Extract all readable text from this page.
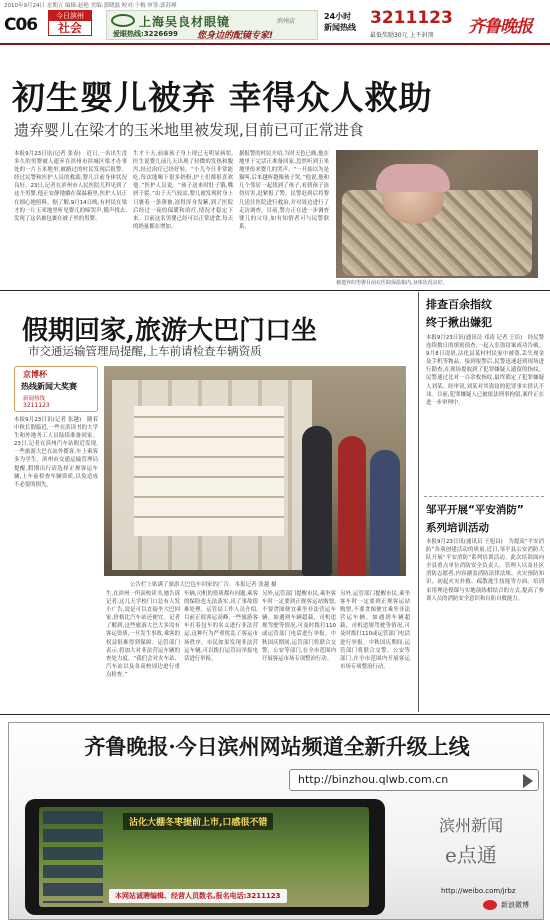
2010年9月24日 星期五 编辑:赵艳 美编:郭晓磊 校对:于梅 审签:郭苏峰
C06	今日滨州
社会	上海吴良材眼镜	滨州店
爱眼热线:3226699 您身边的配镜专家!
24小时
新闻热线 3211123
最低奖励30元 上不封顶 齐鲁晚报
初生婴儿被弃 幸得众人救助
遗弃婴儿在梁才的玉米地里被发现,目前已可正常进食

本报9月23日讯(记者 张春)　近日,一名出生没多久的男婴被人遗弃在滨州市滨城区梁才办事处的一片玉米地里,被路过的村民发现后报警。经过民警和医护人员的救助,婴儿目前身体状况良好。23日,记者在滨州市人民医院儿科见到了这个男婴,他正安静地躺在保温箱里,医护人员正在细心地照料。据了解,9月14日晚,有村民在梁才的一片玉米地里听见婴儿的啼哭声,循声找去,发现了这名被包裹在被子里的男婴。

生才十天,前面孩子身上现已无明显病状,医生说婴儿前几天出现了轻微的发热和腹泻,经过治疗已经好转。“小儿今日非常能吃,每次能喝下很多奶粉,护士们都很喜欢他。”医护人员说。“孩子送来时肚子饿,嘴唇干裂。”由于天气较凉,婴儿被发现时身上只裹着一条薄被,冻得浑身发紫,到了医院后经过一夜的保暖和治疗,情况才稳定下来。目前这名男婴已经可以正常进食,每天的奶量都在增加。

据报警的村民介绍,当时天色已晚,他在地里干完活正准备回家,忽然听到玉米地里传来婴儿的哭声。“一开始以为是猫叫,后来越听越像孩子哭。”他说,他和几个邻居一起找到了孩子,看到孩子冻得厉害,赶紧报了警。民警赶到后将婴儿送往医院进行救治,并对周边进行了走访调查。目前,警方正在进一步调查婴儿的父母,如有知情者可与民警联系。

被遗弃的男婴目前在医院保温箱内,身体状况良好。
假期回家,旅游大巴门口坐
市交通运输管理局提醒,上车前请检查车辆资质
京博杯
热线新闻大奖赛
新闻热线
3211123

本报9月23日讯(记者 张越)　随着中秋长假临近,一些在滨读书的大学生和外地务工人员陆续准备回家。23日,记者在滨州汽车站附近发现,一些旅游大巴在站外揽客,车上乘客多为学生。滨州市交通运输管理局提醒,假期出行请选择正规客运车辆,上车前检查车辆资质,以免造成不必要的损失。

公告栏上贴满了旅游大巴包车回家的广告。本报记者 张越 摄

生,在滨州一所高校读书,她告诉记者,这几天学校门口总有人发小广告,说是可以直接坐大巴回家,价格比汽车站还便宜。记者了解到,这些旅游大巴大多没有客运资质,一旦发生事故,乘客的权益很难得到保障。运管部门表示,将加大对非法营运车辆的查处力度。“我们会对火车站、汽车站以及各高校周边进行重点检查。”

车辆,司机的资质都有问题,乘客的保险也无法落实,出了事故很难处理。运管局工作人员介绍,目前正值客运高峰,一些旅游客车打着包车的名义进行非法营运,这种行为严重扰乱了客运市场秩序。市民如果发现非法营运车辆,可以拨打运管局举报电话进行举报。

另外,运管部门提醒市民,乘坐客车时一定要到正规客运站购票,不要贪图便宜乘坐非法营运车辆。如遇到车辆超载、司机违规驾驶等情况,可及时拨打110或运管部门电话进行举报。中秋国庆期间,运管部门将联合交警、公安等部门,在全市范围内开展客运市场专项整治行动。

另外,运管部门提醒市民,乘坐客车时一定要到正规客运站购票,不要贪图便宜乘坐非法营运车辆。如遇到车辆超载、司机违规驾驶等情况,可及时拨打110或运管部门电话进行举报。中秋国庆期间,运管部门将联合交警、公安等部门,在全市范围内开展客运市场专项整治行动。

排查百余指纹
终于揪出嫌犯

本报9月23日讯(通讯员 邓涛 记者 王培)　经民警连续数日的缜密侦查,一起入室盗窃案成功告破。9月8日凌晨,沾化县某村村民家中被盗,丢失现金及手机等物品。接到报警后,民警迅速赶到现场进行勘查,在现场提取到了犯罪嫌疑人遗留的指纹。民警通过比对一百余枚指纹,最终锁定了犯罪嫌疑人刘某。经审讯,刘某对其盗窃的犯罪事实供认不讳。目前,犯罪嫌疑人已被依法刑事拘留,案件正在进一步审理中。

邹平开展“平安消防”
系列培训活动

本报9月23日讯(通讯员 王旭昌)　为提高“平安消防”各项创建活动的质量,近日,邹平县公安消防大队开展“平安消防”系列培训活动。此次培训面向全县重点单位消防安全负责人、管理人以及社区消防志愿者,内容涵盖消防法律法规、火灾预防知识、初起火灾扑救、疏散逃生技能等方面。培训采用理论授课与实地演练相结合的方式,提高了参训人员的消防安全意识和自防自救能力。

齐鲁晚报·今日滨州网站频道全新升级上线
http://binzhou.qlwb.com.cn
沾化大棚冬枣提前上市,口感很不错
本网站诚聘编辑、经营人员数名,报名电话:3211123
滨州新闻
e点通
http://weibo.com/jrbz
新浪微博
